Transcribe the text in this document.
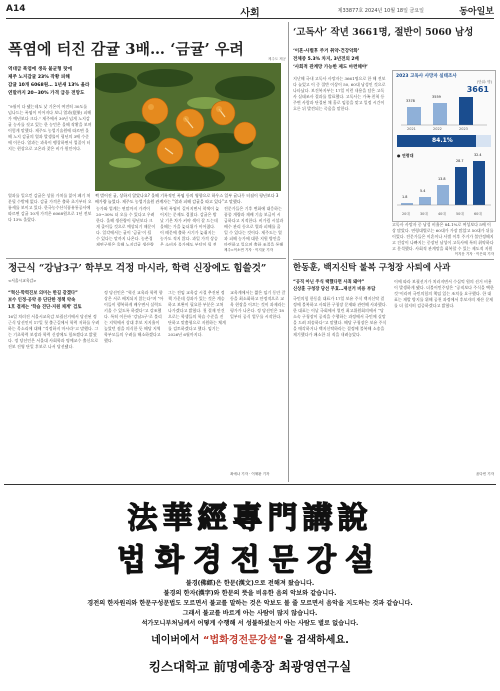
A14	사회	제33877호 2024년 10월 18일 금요일	동아일보
폭염에 터진 감귤 3배… ‘금귤’ 우려
제주도 제공
역대급 폭염에 생육 불균형 탓에
제주 노지감귤 23% 작황 피해
감귤 10개 6068원… 1년새 13% 올라
연말까지 20~30% 가격 급등 전망도
“9월이 다 됐는데도 낮 기온이 여전히 30도를 넘나드는 폭염이 이어지다 보니 열과(裂果) 피해가 예년보다 크다.” 제주에서 30년 넘게 노지감귤 농사를 짓고 있는 한 농민은 올해 작황을 보며 이렇게 말했다. 제주도 농업기술원에 따르면 올해 노지 감귤의 열과 발생률이 평년의 3배 수준에 이른다. 열과는 과육이 팽창하면서 껍질이 터지는 현상으로 고온과 잦은 비가 원인이다.
쩍 벌어진 귤, 상하지 않았나요? 올해 기록적인 폭염 등의 영향으로 하우스 일부 귤나무 터짐이 평년보다 3배가량 늘었다. 제주도 농업기술원 관계자는 “열과 피해 감귤을 따고 있다”고 말했다.
열과를 일으킨 감귤은 상품 가치를 잃어 폐기 처분될 수밖에 없다. 감귤 가격은 출하 초기부터 오름세를 보이고 있다. 한국농수산식품유통공사에 따르면 감귤 10개 가격은 6068원으로 1년 전보다 13% 올랐다.
농가와 업계는 연말까지 가격이 20~30% 더 오를 수 있다고 우려한다. 올해 생산량이 평년보다 크게 줄어들 것으로 예상되기 때문이다. 일각에서는 귤이 ‘금귤’이 될 수 있다는 말까지 나온다. 농촌경제연구원은 올해 노지감귤 생산량
특히 폭염이 길어지면서 착색이 늦어지는 문제도 겹쳤다. 감귤은 밤낮 기온 차가 커야 색이 잘 드는데 올해는 가을 늦더위가 이어졌다. 이 때문에 출하 시기가 늦춰지는 농가도 적지 않다. 과일 가격 상승은 소비자 물가에도 부담이 될 전
전문가들은 기후 변화에 대응하는 품종 개량과 재배 기술 보급이 시급하다고 지적한다. 비가림 시설과 배수 관리 등으로 열과 피해를 줄일 수 있다는 것이다. 제주도는 열과 피해 농가에 대한 지원 방안을 마련하고 있으며 출하 조절을 통해
제주=이소연 기자 · 이지윤 기자
‘고독사’ 작년 3661명, 절반이 5060 남성
‘이혼·사별후 주거 취약·건강악화’
전체중 5.3% 차지, 3년전의 2배
‘사회적 관계망 가능한 제도 마련해야’
2023 고독사 사망자 실태조사
(단위: 명)
3661
3378
3559
2021	2022	2023
84.1%
● 연령대
1.8
5.4
13.8
28.7
32.4
20대	30대	40대	50대	60대
지난해 국내 고독사 사망자는 3661명으로 한 해 전보다 늘었고 이 중 절반 이상이 50, 60대 남성인 것으로 나타났다. 보건복지부는 17일 이런 내용을 담은 고독사 실태조사 결과를 발표했다. 고독사는 가족·친척 등 주변 사람과 단절된 채 홀로 임종을 맞고 일정 시간이 흐른 뒤 발견되는 죽음을 말한다.
고독사 사망자 중 남성 비율은 84.1%로 여성보다 5배 이상 많았다. 연령대별로는 60대가 가장 많았고 50대가 뒤를 이었다. 전문가들은 이혼이나 사별 이후 주거가 불안정해지고 건강이 나빠지는 중장년 남성이 고독사에 특히 취약하다고 분석했다. 사회적 관계망을 회복할 수 있는 제도적 지원
이지운 기자 · 이은희 기자
한동훈, 백지신탁 불복 구청장 사퇴에 사과
“공직 아닌 주식 택했다면 사죄 돼야”
신상훈 구청장 당선 무효…재선거 비용 부담
국민의힘 한동훈 대표가 17일 보유 주식 백지신탁 결정에 불복하고 사퇴한 구청장 문제와 관련해 사과했다. 한 대표는 이날 국회에서 열린 최고위원회의에서 “당 소속 구청장이 공직을 수행하는 과정에서 국민께 실망을 드려 죄송하다”고 말했다. 해당 구청장은 보유 주식을 매각하거나 백지신탁하라는 결정에 불복해 소송을 제기했다가 패소한 뒤 직을 내려놓았다.
이에 따라 보궐선거가 치러지면서 수십억 원의 선거 비용이 발생하게 됐다. 더불어민주당은 “공직보다 주식을 택한 것”이라며 국민의힘의 책임 있는 조치를 요구했다. 한 대표는 재발 방지를 위해 공천 과정에서 후보자의 재산 문제를 더 철저히 검증하겠다고 밝혔다.
윤다빈 기자
정근식 “강남3구’ 학부모 걱정 마시라, 학력 신장에도 힘쓸것”
<서울시교육감>
“혁신·학력진보 의미는 한길 같겠다”
보수 인정·공약 중 단단한 정책 약속
1호 결재는 ‘학습 진단·지원 체계’ 검토
16일 치러진 서울시교육감 보궐선거에서 당선된 정근식 당선인이 17일 첫 출근길에서 학력 저하를 우려하는 목소리에 대해 “걱정하지 마시라”고 말했다. 그는 기초학력 보장과 학력 신장에도 힘쓰겠다고 밝혔다. 정 당선인은 서울대 사회학과 명예교수 출신으로 진보 진영 단일 후보로 나서 당선됐다.
정 당선인은 “혁신 교육과 학력 향상은 서로 배치되지 않는다”며 “아이들이 행복하게 배우면서 실력도 키울 수 있도록 하겠다”고 강조했다. 특히 이른바 ‘강남3구’로 불리는 지역에서 상대 후보 지지율이 높았던 점을 의식한 듯 해당 지역 학부모들의 우려를 해소하겠다고 했다.
그는 전임 교육감 시절 추진된 정책 가운데 성과가 있는 것은 계승하고 보완이 필요한 부분은 고쳐 나가겠다고 밝혔다. 첫 결재 안건으로는 학생들의 학습 수준을 진단하고 맞춤형으로 지원하는 체계를 검토하겠다고 했다. 임기는 2026년 6월까지다.
교육계에서는 짧은 임기 동안 갈등을 최소화하고 안정적으로 교육 현장을 이끄는 것이 과제라는 평가가 나온다. 정 당선인은 18일부터 공식 업무를 시작한다.
최예나 기자 · 이채완 기자
法華經專門講說
법화경전문강설
불경(佛經)은 한문(漢文)으로 전해져 왔습니다.
불경의 한자(漢字)와 한문의 뜻을 비유한 음의 악보와 같습니다.
경전의 한자원리와 한문구성문법도 모르면서 불교를 말하는 것은 악보도 볼 줄 모르면서 음악을 지도하는 것과 같습니다.
그래서 불교를 바르게 아는 사람이 많지 않습니다.
석가모니부처님께서 어떻게 수행해 서 성불하셨는지 아는 사람도 별로 없습니다.
네이버에서 “법화경전문강설”을 검색하세요.
킹스대학교 前명예총장 최광영연구실
